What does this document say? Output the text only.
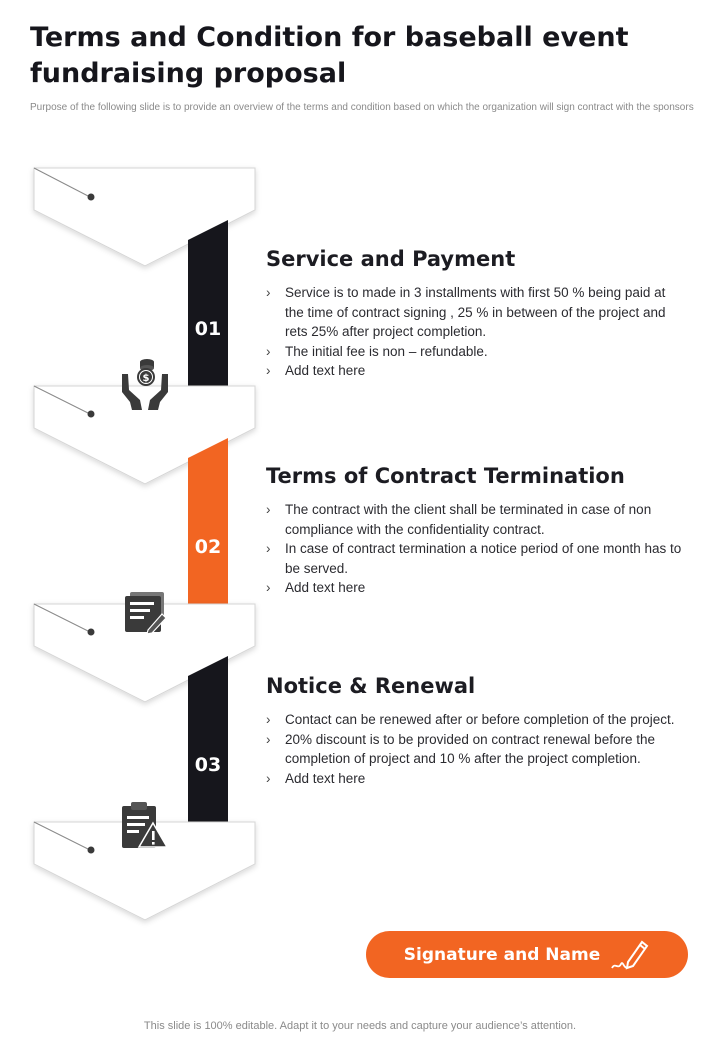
Terms and Condition for baseball event fundraising proposal

Purpose of the following slide is to provide an overview of the terms and condition based on which the organization will sign contract with the sponsors

01
02
03
$
Service and Payment
› Service is to made in 3 installments with first 50 % being paid at the time of contract signing , 25 % in between of the project and rets 25% after project completion.
› The initial fee is non – refundable.
› Add text here
Terms of Contract Termination
› The contract with the client shall be terminated in case of non compliance with the confidentiality contract.
› In case of contract termination a notice period of one month has to be served.
› Add text here
Notice & Renewal
› Contact can be renewed after or before completion of the project.
› 20% discount is to be provided on contract renewal before the completion of project and 10 % after the project completion.
› Add text here
Signature and Name
This slide is 100% editable. Adapt it to your needs and capture your audience’s attention.
